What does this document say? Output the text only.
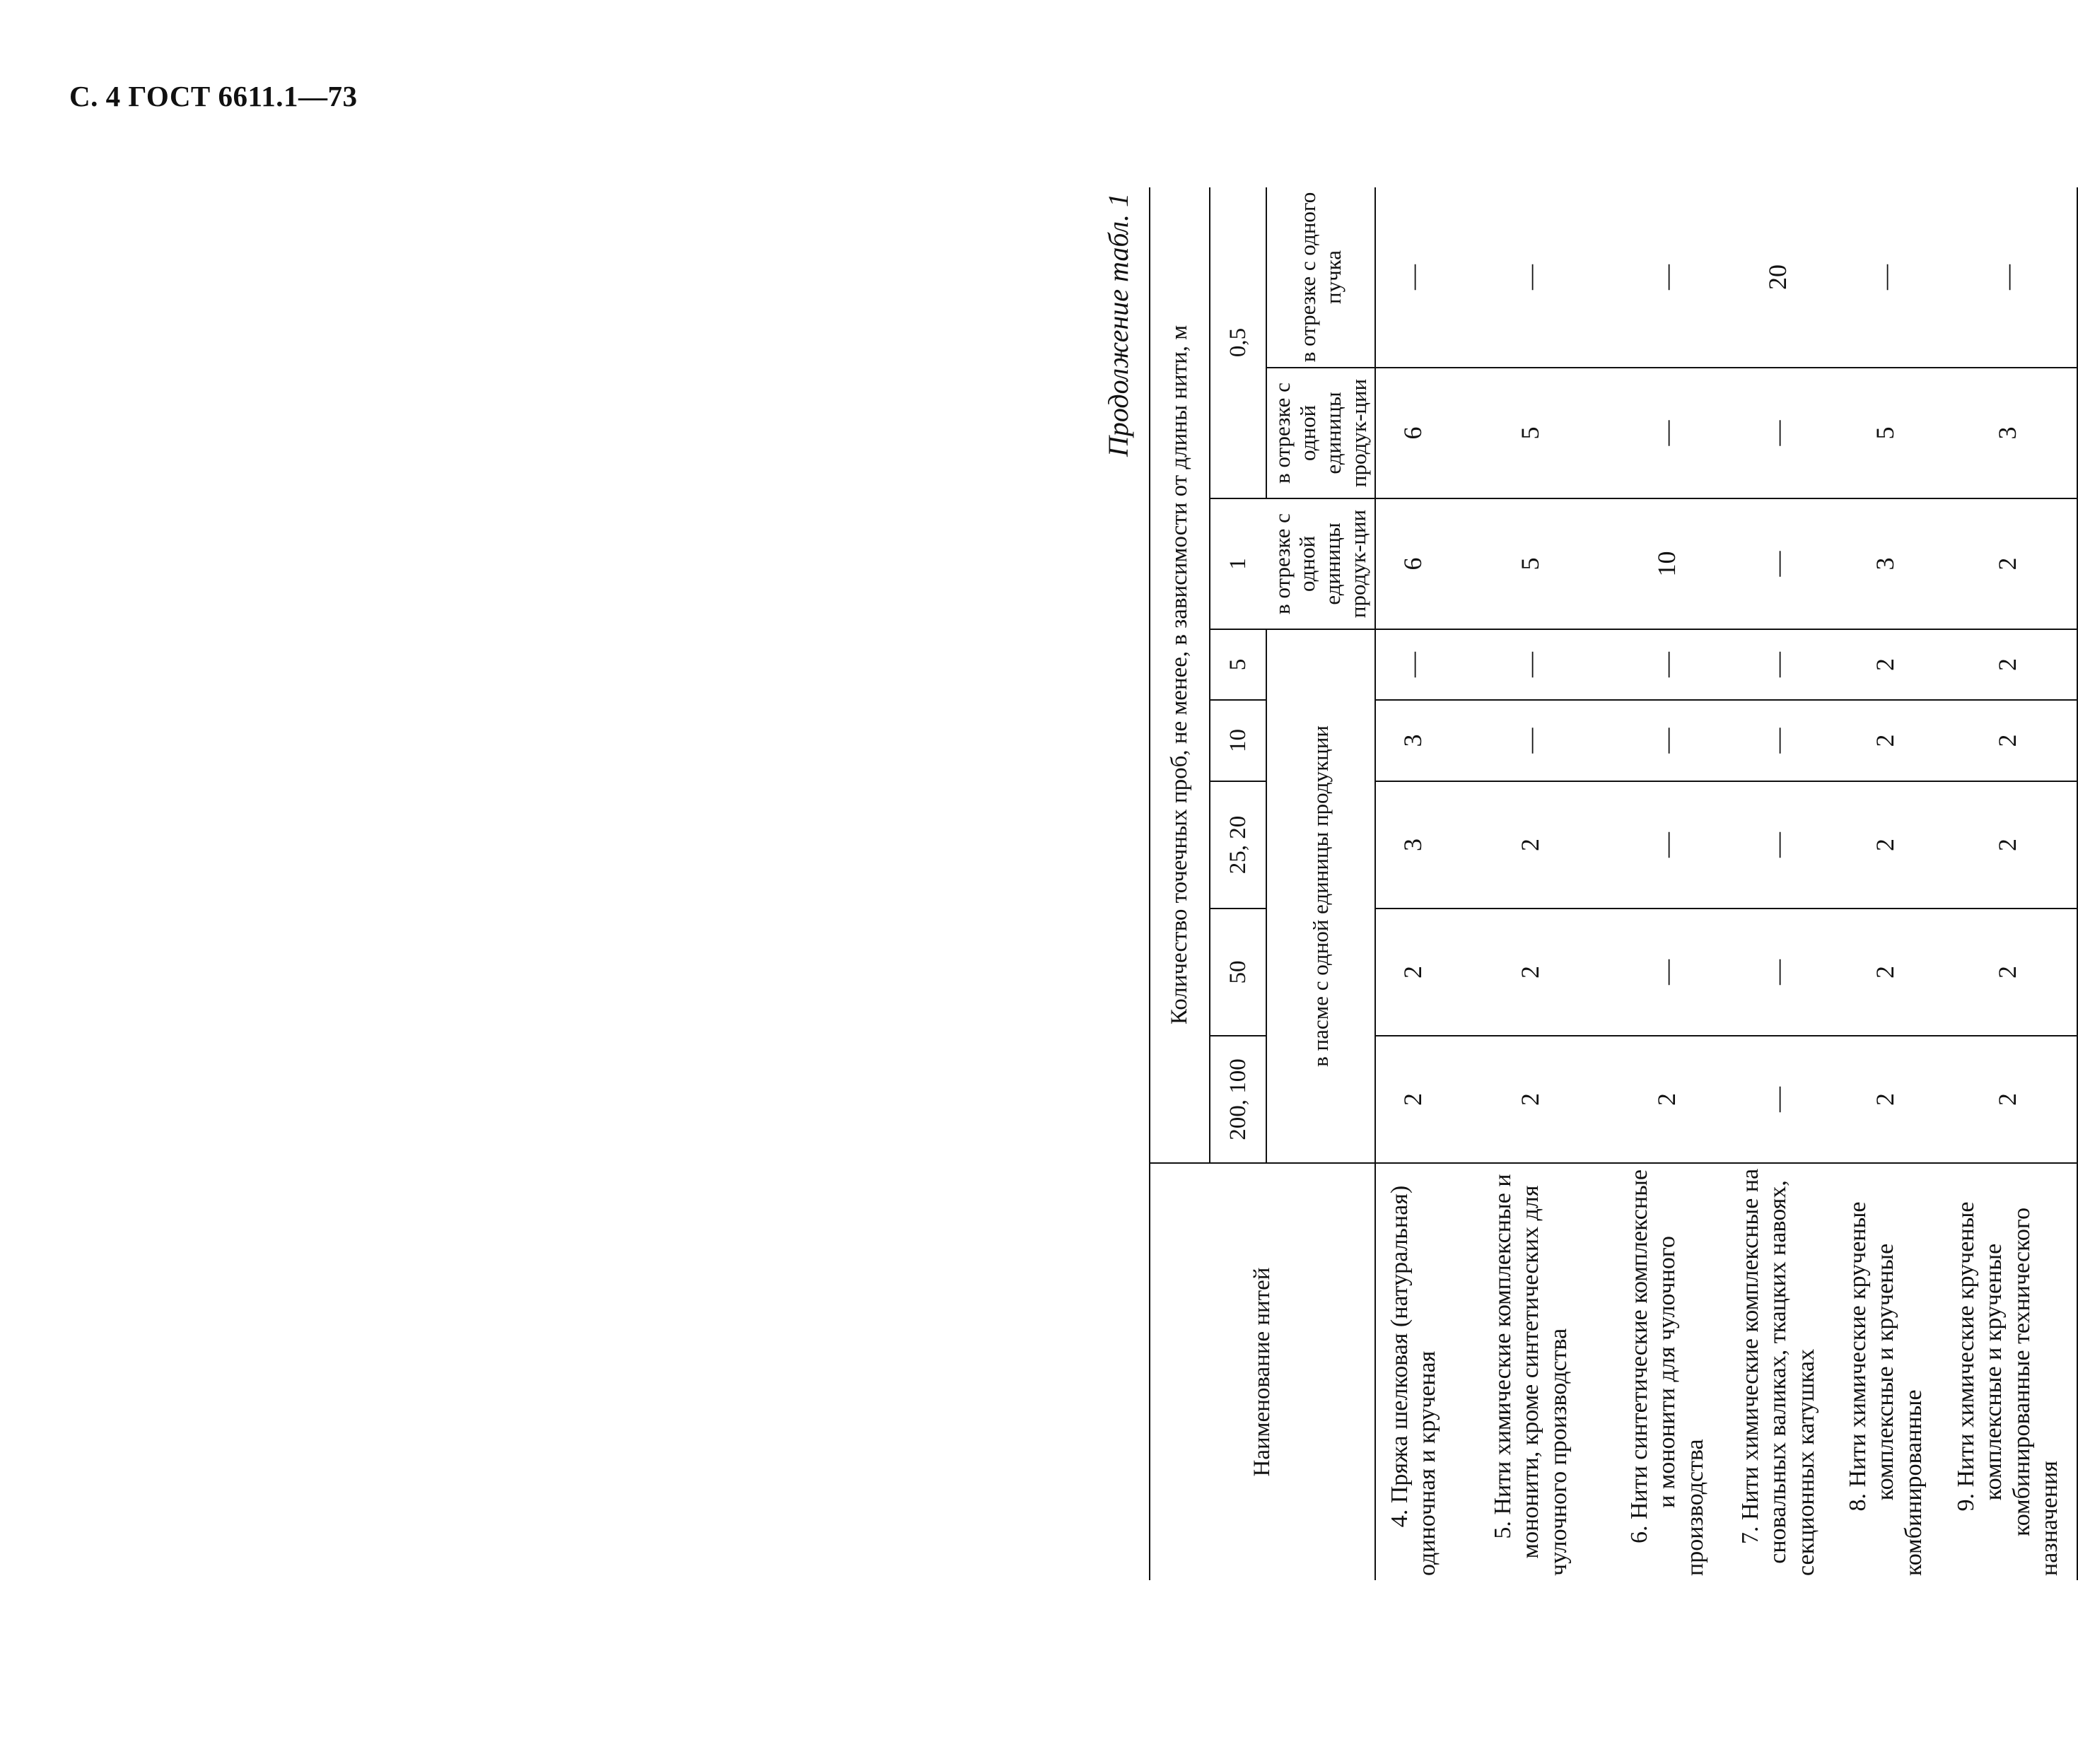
С. 4 ГОСТ 6611.1—73
Продолжение табл. 1
Наименование нитей	Количество точечных проб, не менее, в зависимости от длины нити, м							
	200, 100	50	25, 20	10	5	1	0,5	
	в пасме с одной единицы продукции					в отрезке с одной единицы продук-ции	в отрезке с одной единицы продук-ции	в отрезке с одного пучка
4. Пряжа шелковая (натуральная) одиночная и крученая	2	2	3	3	—	6	6	—
5. Нити химические комплексные и мононити, кроме синтетических для чулочного производства	2	2	2	—	—	5	5	—
6. Нити синтетические комплексные и мононити для чулочного производства	2	—	—	—	—	10	—	—
7. Нити химические комплексные на сновальных валиках, ткацких навоях, секционных катушках	—	—	—	—	—	—	—	20
8. Нити химические крученые комплексные и крученые комбинированные	2	2	2	2	2	3	5	—
9. Нити химические крученые комплексные и крученые комбинированные технического назначения	2	2	2	2	2	2	3	—
